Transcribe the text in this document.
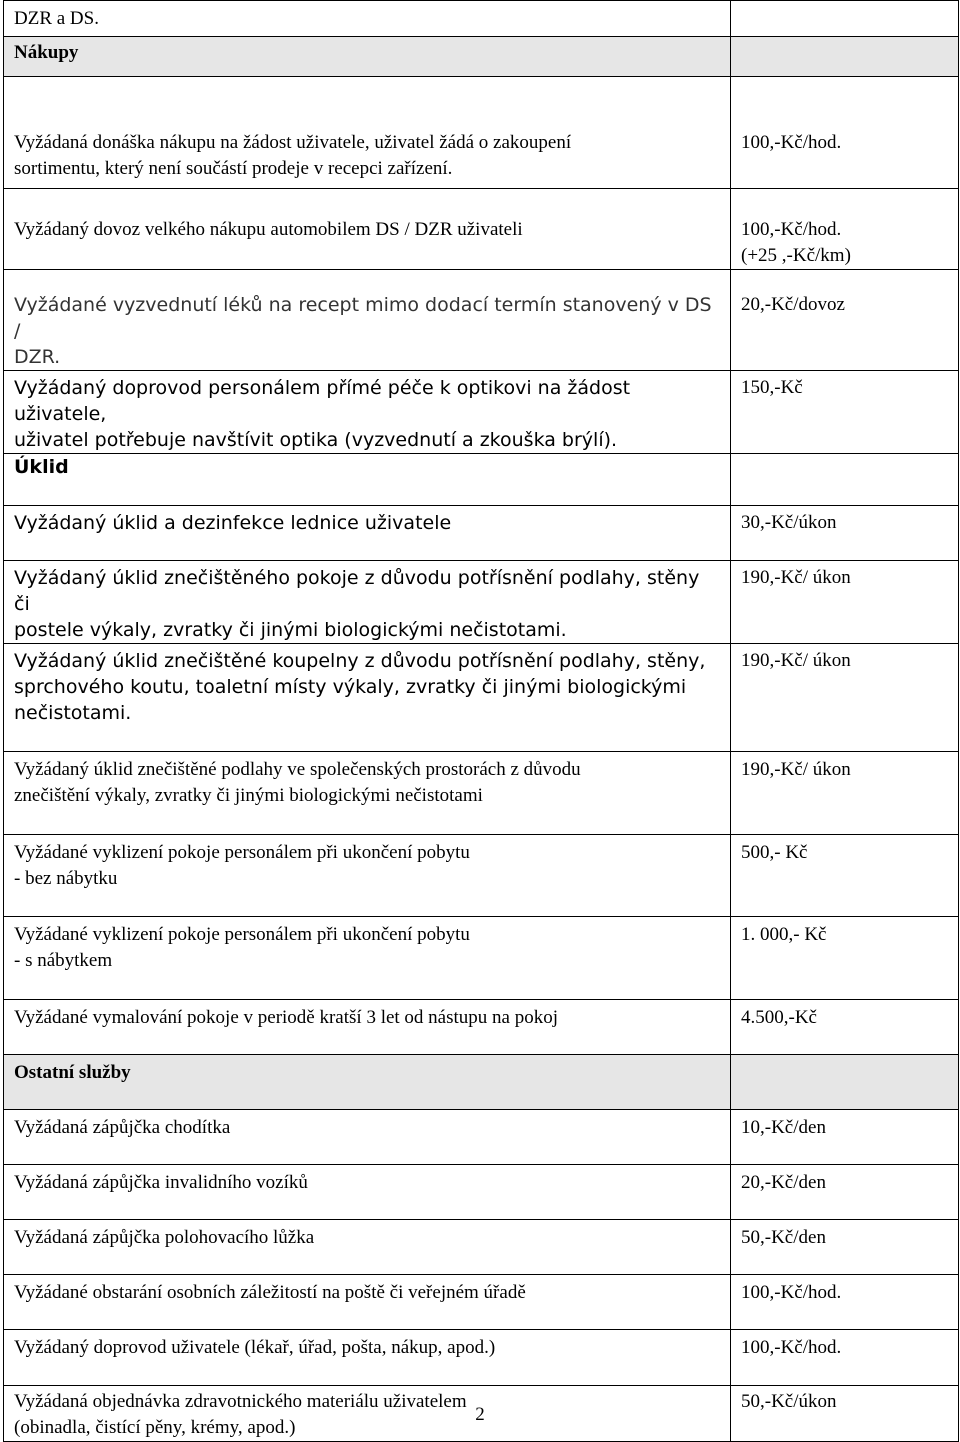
DZR a DS.	
Nákupy	

Vyžádaná donáška nákupu na žádost uživatele, uživatel žádá o zakoupení
sortimentu, který není součástí prodeje v recepci zařízení.	100,-Kč/hod.

Vyžádaný dovoz velkého nákupu automobilem DS / DZR uživateli	100,-Kč/hod.
(+25 ,-Kč/km)

Vyžádané vyzvednutí léků na recept mimo dodací termín stanovený v DS /
DZR.	20,-Kč/dovoz

Vyžádaný doprovod personálem přímé péče k optikovi na žádost uživatele,
uživatel potřebuje navštívit optika (vyzvednutí a zkouška brýlí).	150,-Kč

Úklid	

Vyžádaný úklid a dezinfekce lednice uživatele	30,-Kč/úkon

Vyžádaný úklid znečištěného pokoje z důvodu potřísnění podlahy, stěny či
postele výkaly, zvratky či jinými biologickými nečistotami.	190,-Kč/ úkon

Vyžádaný úklid znečištěné koupelny z důvodu potřísnění podlahy, stěny,
sprchového koutu, toaletní místy výkaly, zvratky či jinými biologickými
nečistotami.	190,-Kč/ úkon

Vyžádaný úklid znečištěné podlahy ve společenských prostorách z důvodu
znečištění výkaly, zvratky či jinými biologickými nečistotami	190,-Kč/ úkon

Vyžádané vyklizení pokoje personálem při ukončení pobytu
- bez nábytku	500,- Kč

Vyžádané vyklizení pokoje personálem při ukončení pobytu
- s nábytkem	1. 000,- Kč

Vyžádané vymalování pokoje v periodě kratší 3 let od nástupu na pokoj	4.500,-Kč

Ostatní služby	

Vyžádaná zápůjčka chodítka	10,-Kč/den

Vyžádaná zápůjčka invalidního vozíků	20,-Kč/den

Vyžádaná zápůjčka polohovacího lůžka	50,-Kč/den

Vyžádané obstarání osobních záležitostí na poště či veřejném úřadě	100,-Kč/hod.

Vyžádaný doprovod uživatele (lékař, úřad, pošta, nákup, apod.)	100,-Kč/hod.

Vyžádaná objednávka zdravotnického materiálu uživatelem
(obinadla, čistící pěny, krémy, apod.)	50,-Kč/úkon
2
